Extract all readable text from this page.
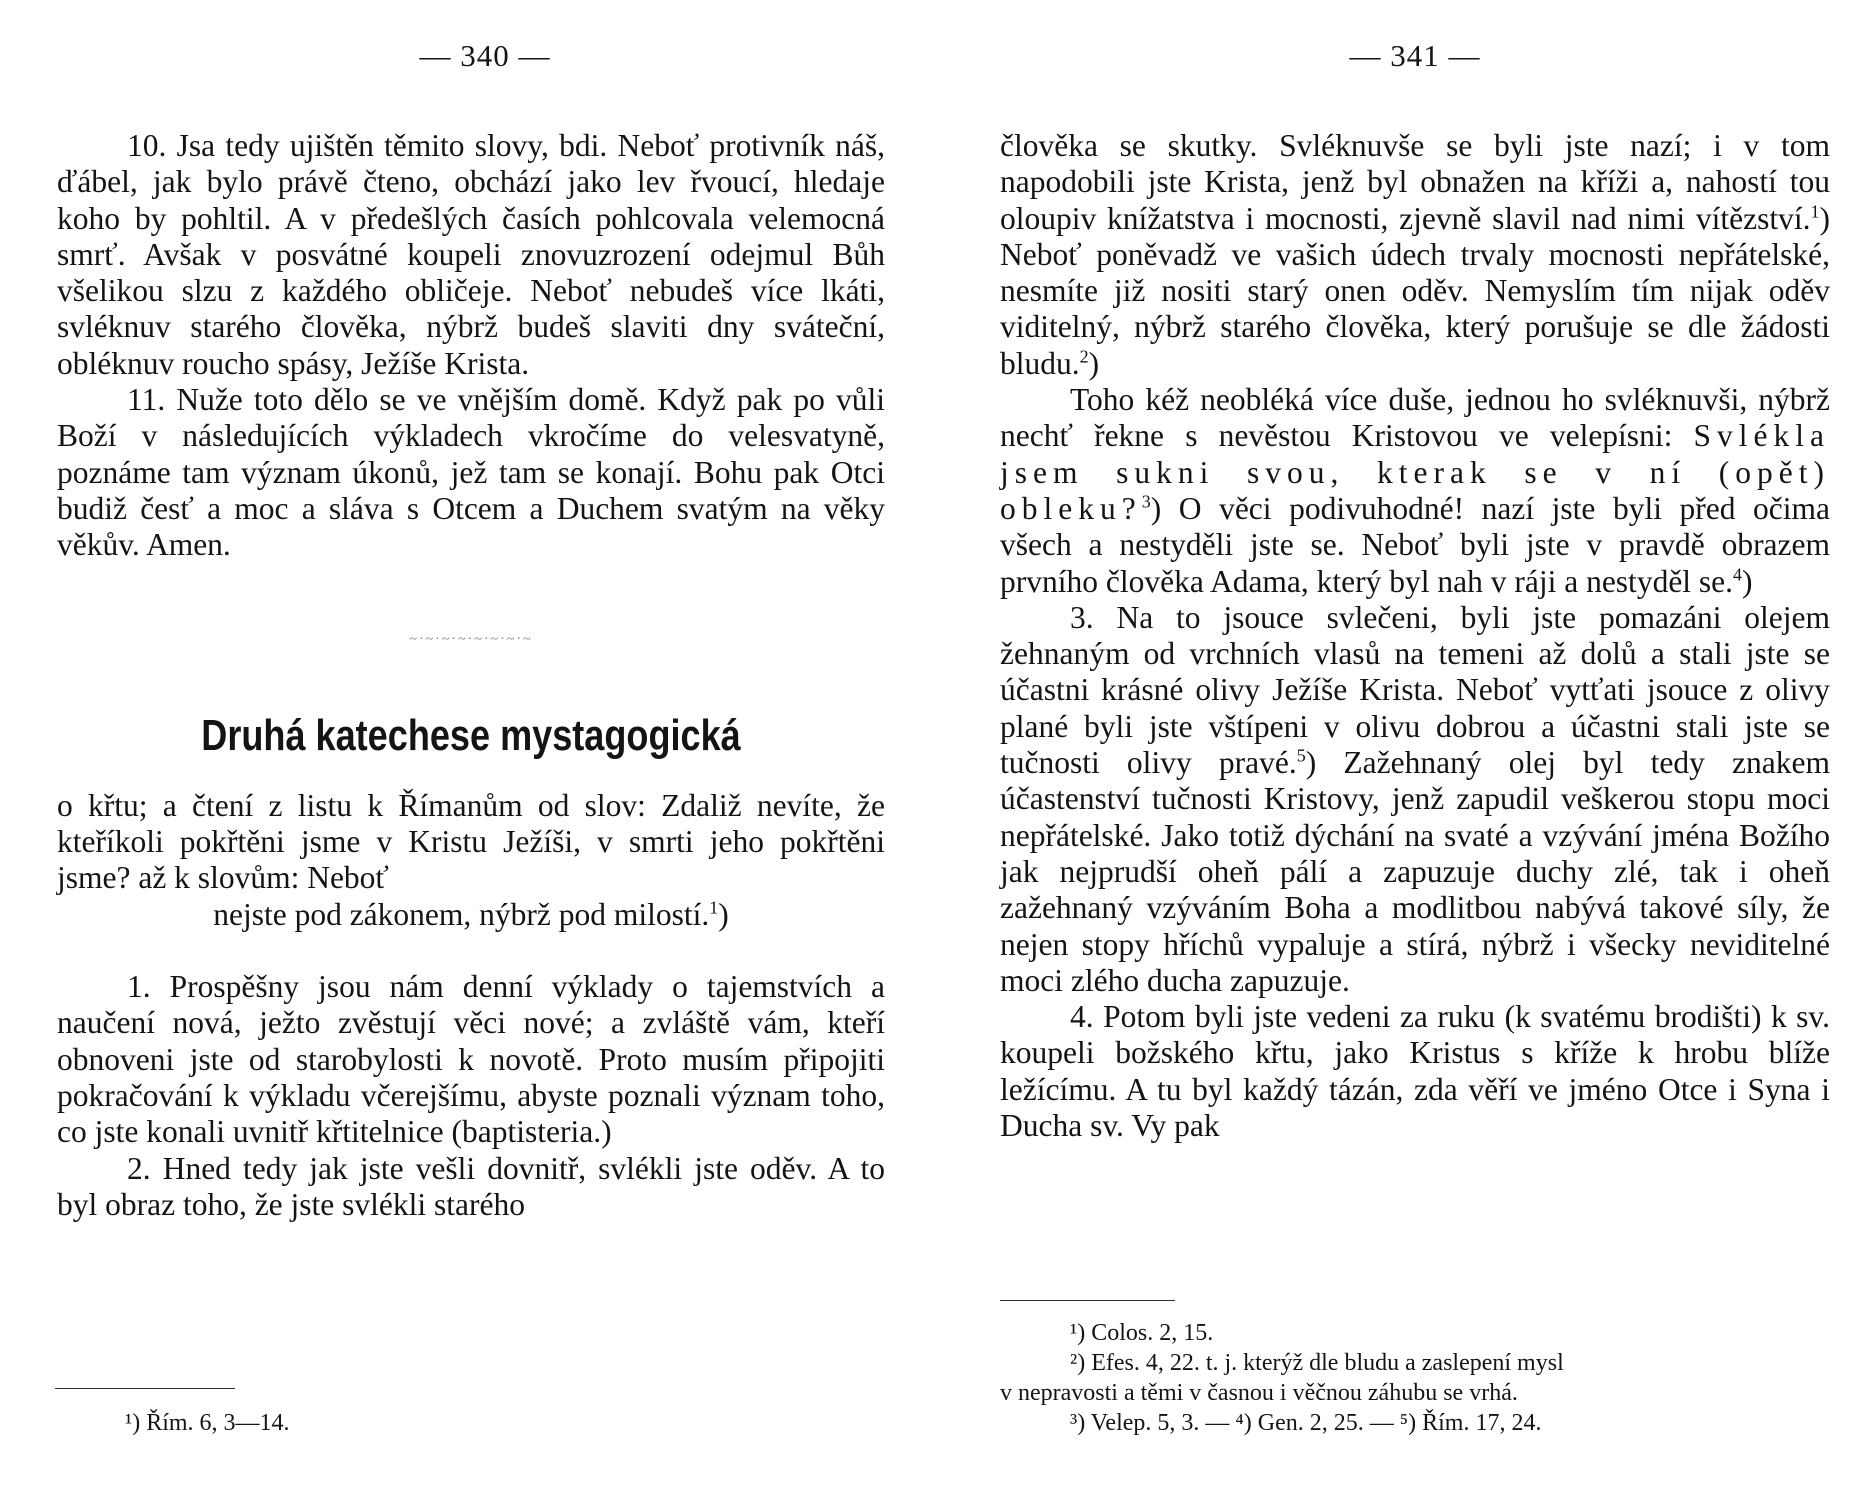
— 340 —

10. Jsa tedy ujištěn těmito slovy, bdi. Neboť protivník náš, ďábel, jak bylo právě čteno, obchází jako lev řvoucí, hledaje koho by pohltil. A v předešlých časích pohlcovala velemocná smrť. Avšak v posvátné koupeli znovuzrození odejmul Bůh všelikou slzu z každého obličeje. Neboť nebudeš více lkáti, svléknuv starého člověka, nýbrž budeš slaviti dny sváteční, obléknuv roucho spásy, Ježíše Krista.

11. Nuže toto dělo se ve vnějším domě. Když pak po vůli Boží v následujících výkladech vkročíme do velesvatyně, poznáme tam význam úkonů, jež tam se konají. Bohu pak Otci budiž česť a moc a sláva s Otcem a Duchem svatým na věky věkův. Amen.

~·~·~·~·~·~·~·~
Druhá katechese mystagogická
o křtu; a čtení z listu k Římanům od slov: Zdaliž nevíte, že kteříkoli pokřtěni jsme v Kristu Ježíši, v smrti jeho pokřtěni jsme? až k slovům: Neboť
nejste pod zákonem, nýbrž pod milostí.$^1$)

1. Prospěšny jsou nám denní výklady o tajemstvích a naučení nová, ježto zvěstují věci nové; a zvláště vám, kteří obnoveni jste od starobylosti k novotě. Proto musím připojiti pokračování k výkladu včerejšímu, abyste poznali význam toho, co jste konali uvnitř křtitelnice (baptisteria.)

2. Hned tedy jak jste vešli dovnitř, svlékli jste oděv. A to byl obraz toho, že jste svlékli starého

¹) Řím. 6, 3—14.
— 341 —

člověka se skutky. Svléknuvše se byli jste nazí; i v tom napodobili jste Krista, jenž byl obnažen na kříži a, nahostí tou oloupiv knížatstva i mocnosti, zjevně slavil nad nimi vítězství.$^1$) Neboť poněvadž ve vašich údech trvaly mocnosti nepřátelské, nesmíte již nositi starý onen oděv. Nemyslím tím nijak oděv viditelný, nýbrž starého člověka, který porušuje se dle žádosti bludu.$^2$)

Toho kéž neobléká více duše, jednou ho svléknuvši, nýbrž nechť řekne s nevěstou Kristovou ve velepísni: Svlékla jsem sukni svou, kterak se v ní (opět) obleku?$^3$) O věci podivuhodné! nazí jste byli před očima všech a nestyděli jste se. Neboť byli jste v pravdě obrazem prvního člověka Adama, který byl nah v ráji a nestyděl se.$^4$)

3. Na to jsouce svlečeni, byli jste pomazáni olejem žehnaným od vrchních vlasů na temeni až dolů a stali jste se účastni krásné olivy Ježíše Krista. Neboť vytťati jsouce z olivy plané byli jste vštípeni v olivu dobrou a účastni stali jste se tučnosti olivy pravé.$^5$) Zažehnaný olej byl tedy znakem účastenství tučnosti Kristovy, jenž zapudil veškerou stopu moci nepřátelské. Jako totiž dýchání na svaté a vzývání jména Božího jak nejprudší oheň pálí a zapuzuje duchy zlé, tak i oheň zažehnaný vzýváním Boha a modlitbou nabývá takové síly, že nejen stopy hříchů vypaluje a stírá, nýbrž i všecky neviditelné moci zlého ducha zapuzuje.

4. Potom byli jste vedeni za ruku (k svatému brodišti) k sv. koupeli božského křtu, jako Kristus s kříže k hrobu blíže ležícímu. A tu byl každý tázán, zda věří ve jméno Otce i Syna i Ducha sv. Vy pak

¹) Colos. 2, 15.
²) Efes. 4, 22. t. j. kterýž dle bludu a zaslepení mysl
v nepravosti a těmi v časnou i věčnou záhubu se vrhá.
³) Velep. 5, 3. — ⁴) Gen. 2, 25. — ⁵) Řím. 17, 24.
